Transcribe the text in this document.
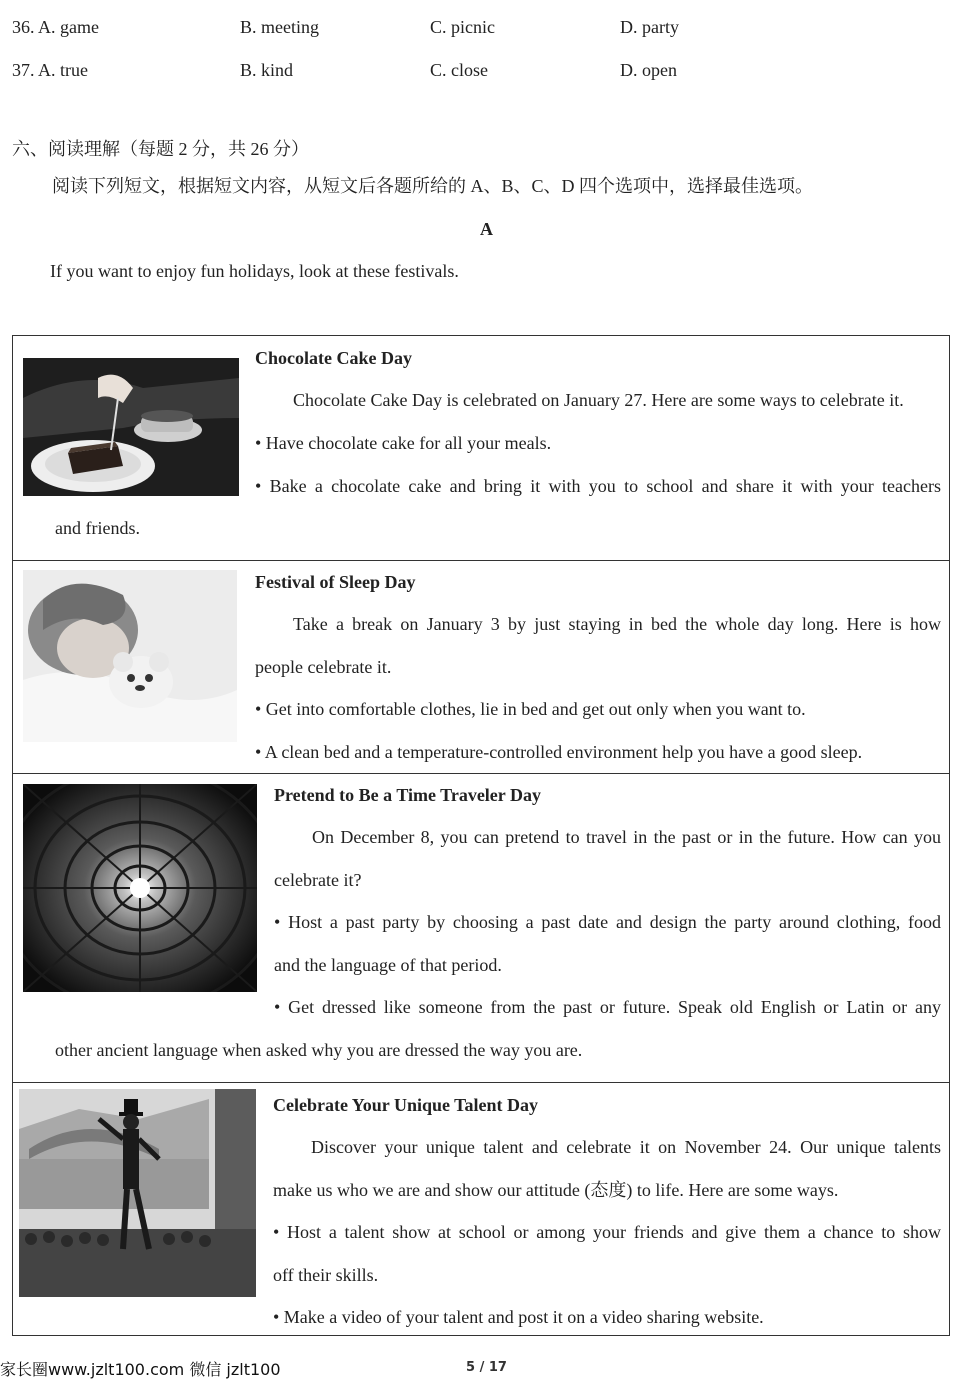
36. A. game	B. meeting	C. picnic	D. party
37. A. true	B. kind	C. close	D. open
六、阅读理解（每题 2 分，共 26 分）
阅读下列短文，根据短文内容，从短文后各题所给的 A、B、C、D 四个选项中，选择最佳选项。
A
If you want to enjoy fun holidays, look at these festivals.
Chocolate Cake Day
Chocolate Cake Day is celebrated on January 27. Here are some ways to celebrate it.
• Have chocolate cake for all your meals.
• Bake a chocolate cake and bring it with you to school and share it with your teachers
and friends.
Festival of Sleep Day
Take a break on January 3 by just staying in bed the whole day long. Here is how
people celebrate it.
• Get into comfortable clothes, lie in bed and get out only when you want to.
• A clean bed and a temperature-controlled environment help you have a good sleep.
Pretend to Be a Time Traveler Day
On December 8, you can pretend to travel in the past or in the future. How can you
celebrate it?
• Host a past party by choosing a past date and design the party around clothing, food
and the language of that period.
• Get dressed like someone from the past or future. Speak old English or Latin or any
other ancient language when asked why you are dressed the way you are.
Celebrate Your Unique Talent Day
Discover your unique talent and celebrate it on November 24. Our unique talents
make us who we are and show our attitude (态度) to life. Here are some ways.
• Host a talent show at school or among your friends and give them a chance to show
off their skills.
• Make a video of your talent and post it on a video sharing website.
家长圈www.jzlt100.com 微信 jzlt100	5 / 17
